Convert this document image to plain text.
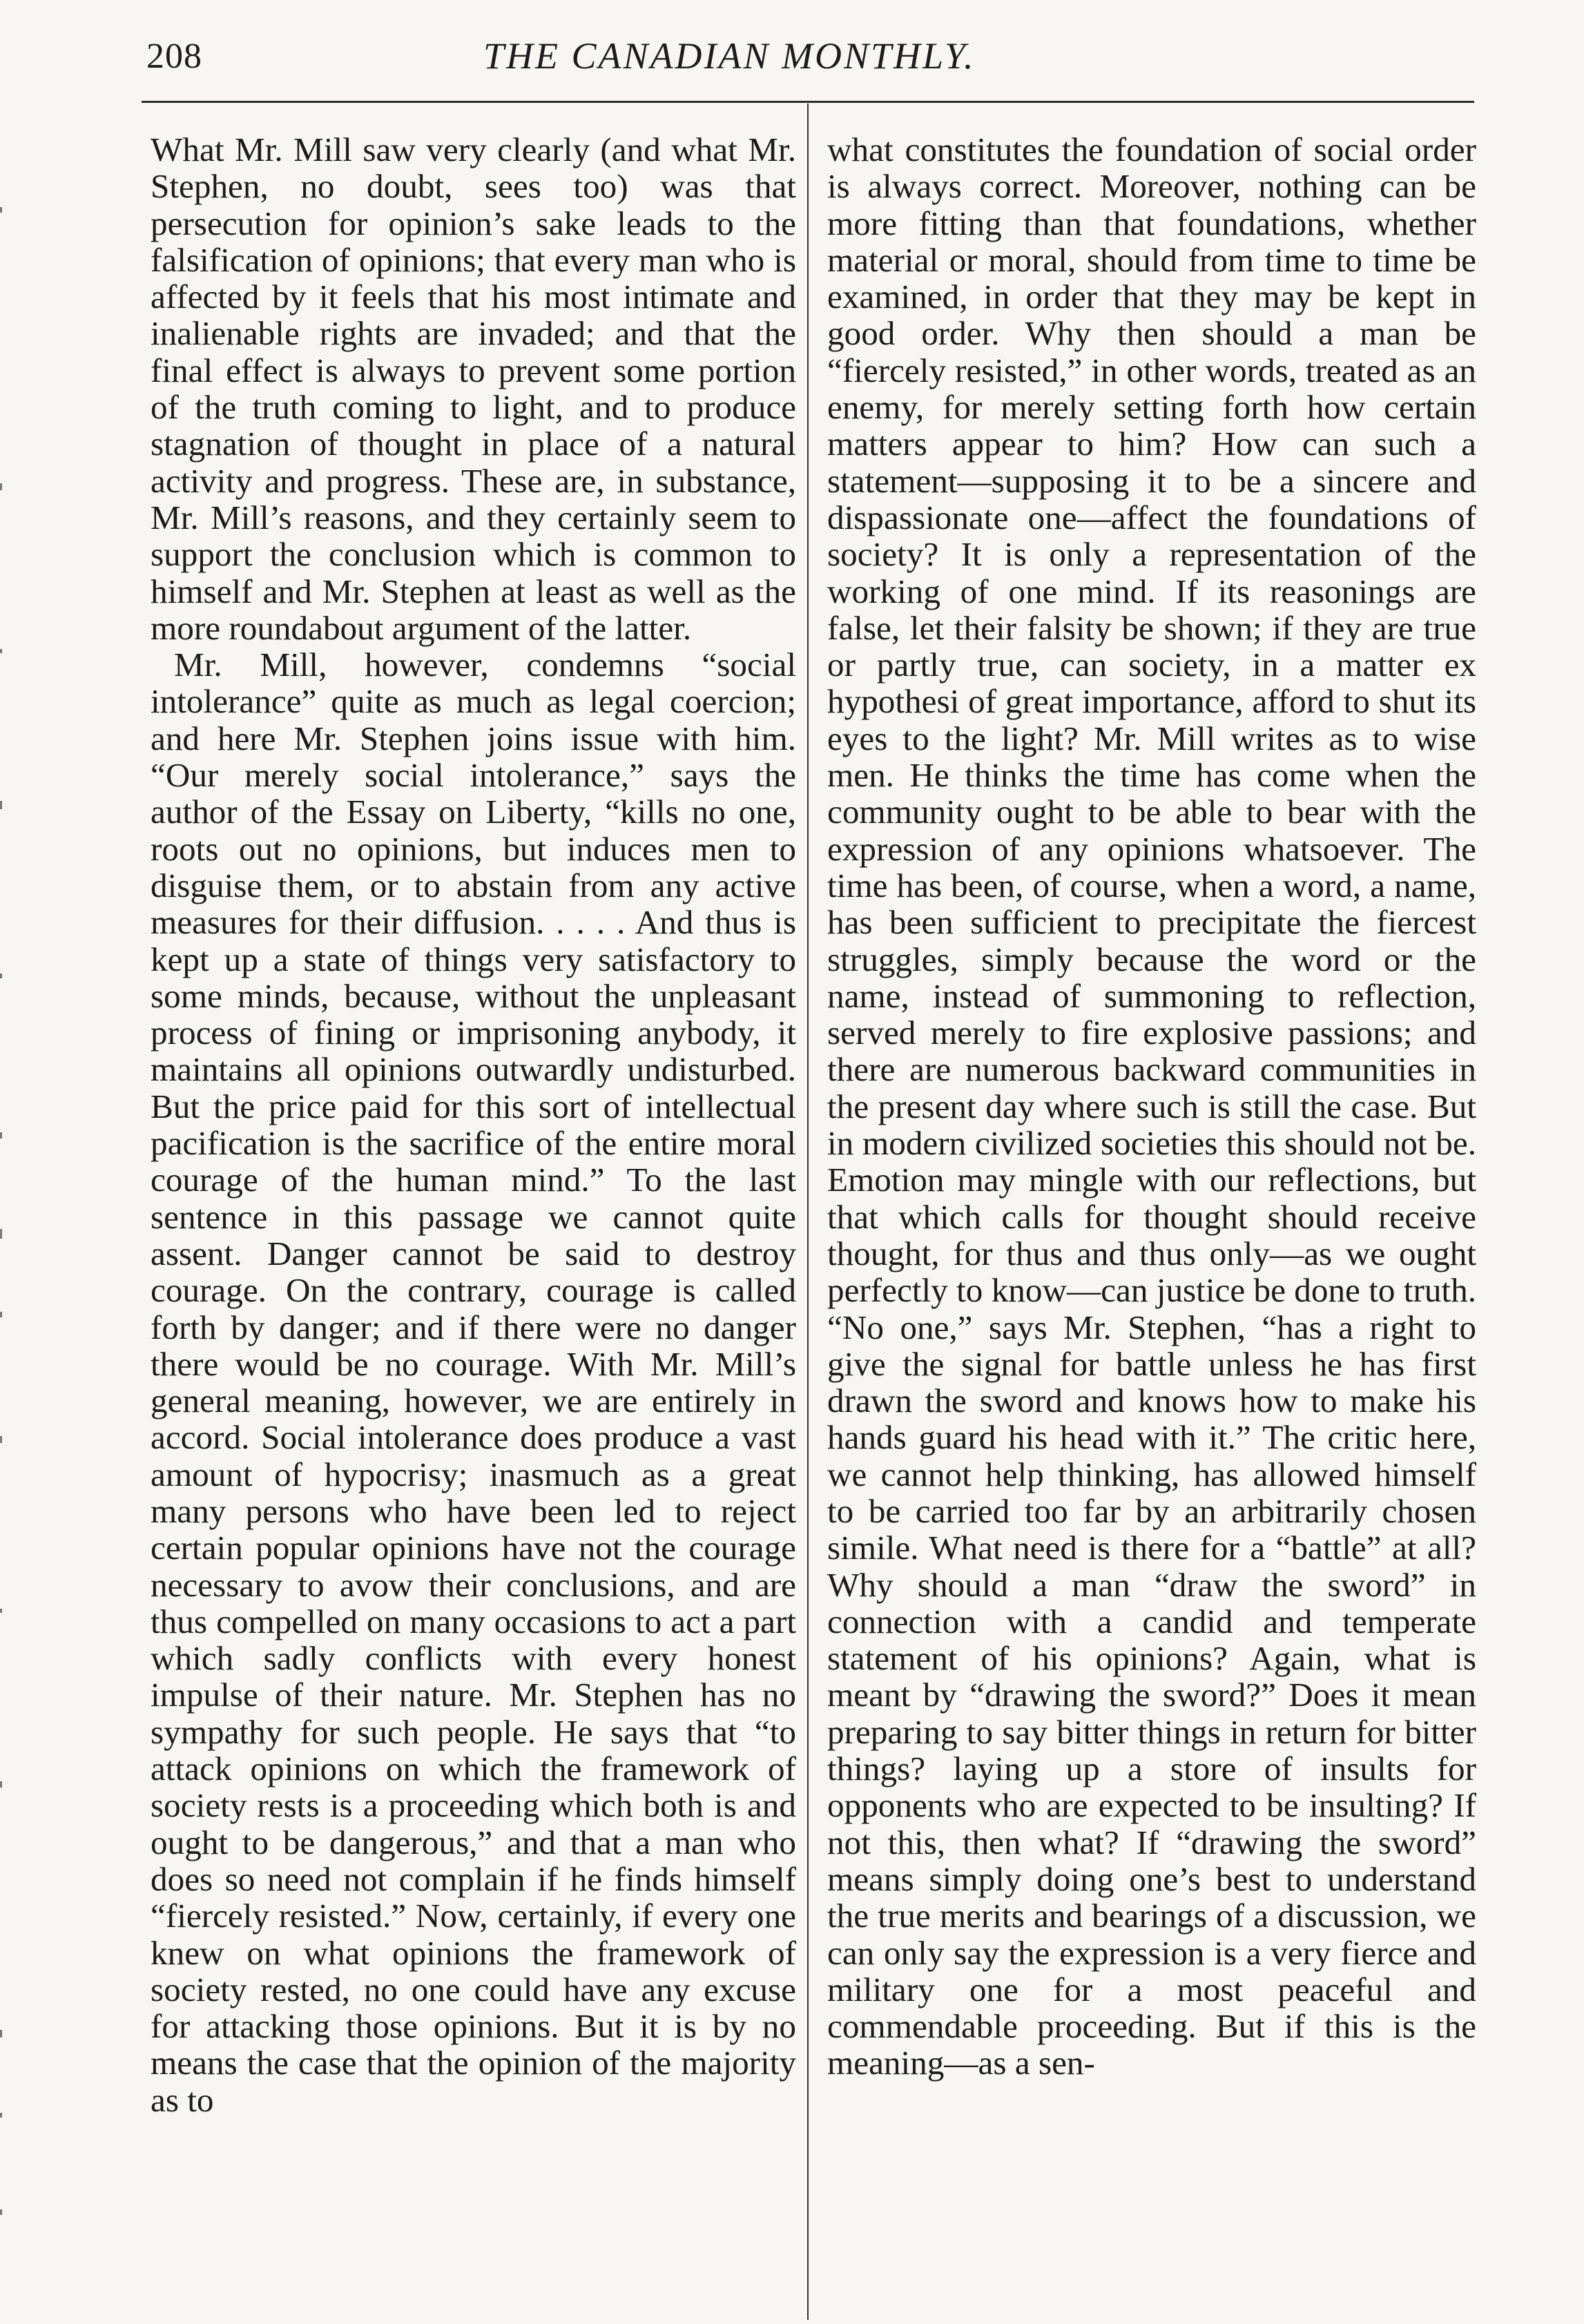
208	THE CANADIAN MONTHLY.

What Mr. Mill saw very clearly (and what Mr. Stephen, no doubt, sees too) was that persecution for opinion’s sake leads to the falsification of opinions; that every man who is affected by it feels that his most intimate and inalienable rights are invaded; and that the final effect is always to prevent some portion of the truth coming to light, and to produce stagnation of thought in place of a natural activity and progress. These are, in substance, Mr. Mill’s reasons, and they certainly seem to support the conclusion which is common to himself and Mr. Stephen at least as well as the more roundabout argument of the latter.

Mr. Mill, however, condemns “social intolerance” quite as much as legal coercion; and here Mr. Stephen joins issue with him. “Our merely social intolerance,” says the author of the Essay on Liberty, “kills no one, roots out no opinions, but induces men to disguise them, or to abstain from any active measures for their diffusion. . . . . And thus is kept up a state of things very satisfactory to some minds, because, without the unpleasant process of fining or imprisoning anybody, it maintains all opinions outwardly undisturbed. But the price paid for this sort of intellectual pacification is the sacrifice of the entire moral courage of the human mind.” To the last sentence in this passage we cannot quite assent. Danger cannot be said to destroy courage. On the contrary, courage is called forth by danger; and if there were no danger there would be no courage. With Mr. Mill’s general meaning, however, we are entirely in accord. Social intolerance does produce a vast amount of hypocrisy; inasmuch as a great many persons who have been led to reject certain popular opinions have not the courage necessary to avow their conclusions, and are thus compelled on many occasions to act a part which sadly conflicts with every honest impulse of their nature. Mr. Stephen has no sympathy for such people. He says that “to attack opinions on which the framework of society rests is a proceeding which both is and ought to be dangerous,” and that a man who does so need not complain if he finds himself “fiercely resisted.” Now, certainly, if every one knew on what opinions the framework of society rested, no one could have any excuse for attacking those opinions. But it is by no means the case that the opinion of the majority as to

what constitutes the foundation of social order is always correct. Moreover, nothing can be more fitting than that foundations, whether material or moral, should from time to time be examined, in order that they may be kept in good order. Why then should a man be “fiercely resisted,” in other words, treated as an enemy, for merely setting forth how certain matters appear to him? How can such a statement—supposing it to be a sincere and dispassionate one—affect the foundations of society? It is only a representation of the working of one mind. If its reasonings are false, let their falsity be shown; if they are true or partly true, can society, in a matter ex hypothesi of great importance, afford to shut its eyes to the light? Mr. Mill writes as to wise men. He thinks the time has come when the community ought to be able to bear with the expression of any opinions whatsoever. The time has been, of course, when a word, a name, has been sufficient to precipitate the fiercest struggles, simply because the word or the name, instead of summoning to reflection, served merely to fire explosive passions; and there are numerous backward communities in the present day where such is still the case. But in modern civilized societies this should not be. Emotion may mingle with our reflections, but that which calls for thought should receive thought, for thus and thus only—as we ought perfectly to know—can justice be done to truth. “No one,” says Mr. Stephen, “has a right to give the signal for battle unless he has first drawn the sword and knows how to make his hands guard his head with it.” The critic here, we cannot help thinking, has allowed himself to be carried too far by an arbitrarily chosen simile. What need is there for a “battle” at all? Why should a man “draw the sword” in connection with a candid and temperate statement of his opinions? Again, what is meant by “drawing the sword?” Does it mean preparing to say bitter things in return for bitter things? laying up a store of insults for opponents who are expected to be insulting? If not this, then what? If “drawing the sword” means simply doing one’s best to understand the true merits and bearings of a discussion, we can only say the expression is a very fierce and military one for a most peaceful and commendable proceeding. But if this is the meaning—as a sen-
